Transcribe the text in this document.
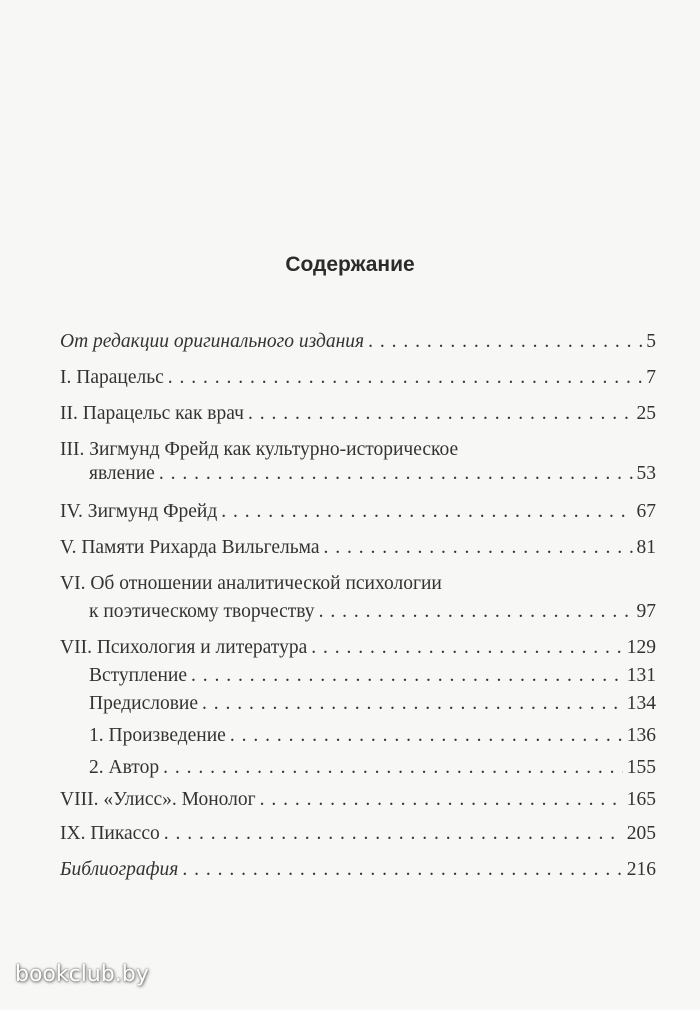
Содержание
От редакции оригинального издания . . .	5
I. Парацельс . . .	7
II. Парацельс как врач . . .	25
III. Зигмунд Фрейд как культурно-историческое
явление . . .	53
IV. Зигмунд Фрейд . . .	67
V. Памяти Рихарда Вильгельма . . .	81
VI. Об отношении аналитической психологии
к поэтическому творчеству . . .	97
VII. Психология и литература . . .	129
Вступление . . .	131
Предисловие . . .	134
1. Произведение . . .	136
2. Автор . . .	155
VIII. «Улисс». Монолог . . .	165
IX. Пикассо . . .	205
Библиография . . .	216
bookclub.by
